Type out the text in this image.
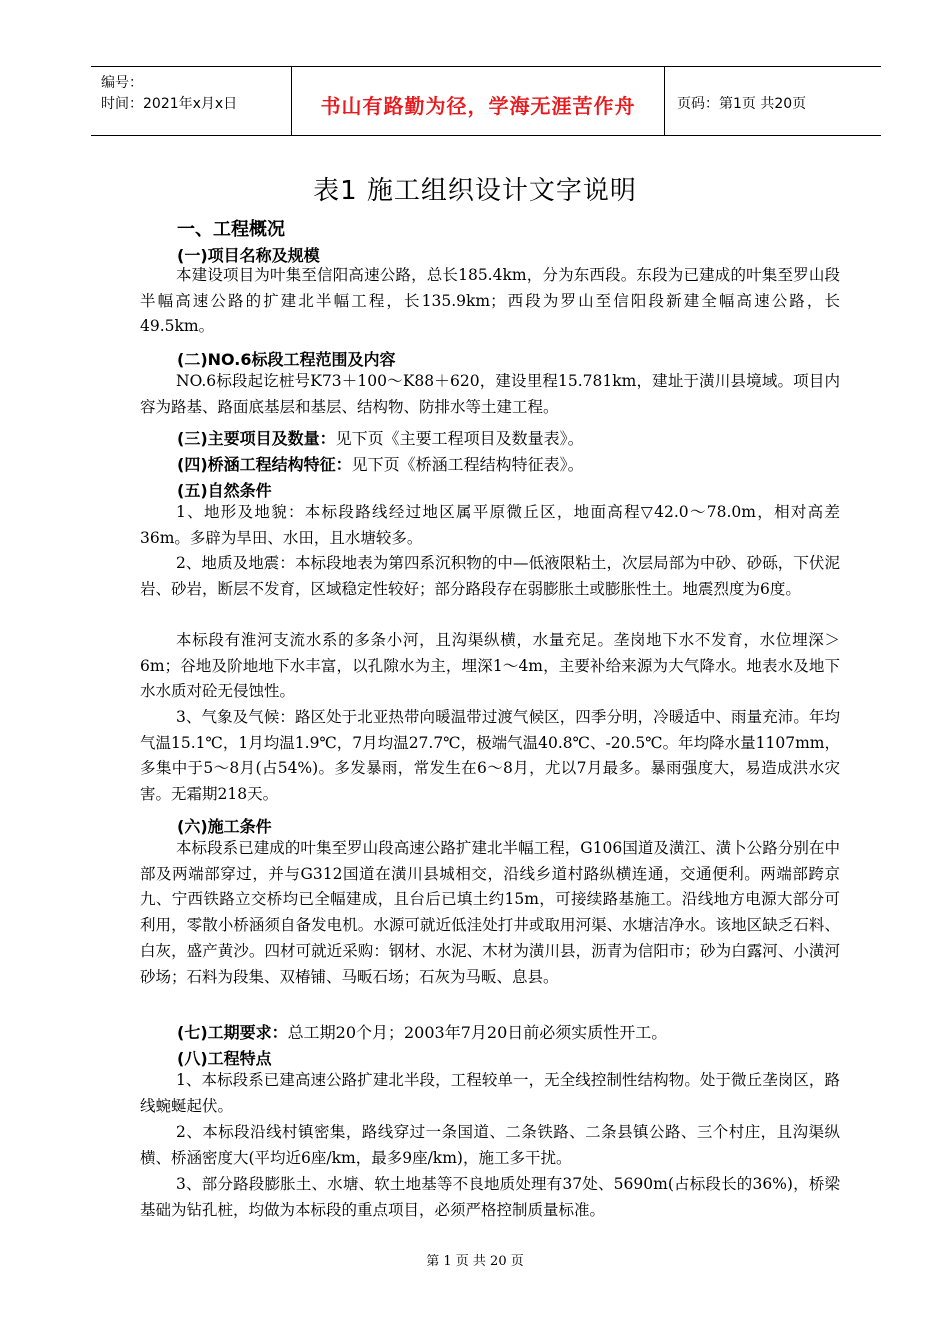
编号：
时间：2021年x月x日	书山有路勤为径，学海无涯苦作舟	页码：第1页 共20页
表1 施工组织设计文字说明
一、工程概况
(一)项目名称及规模

本建设项目为叶集至信阳高速公路，总长185.4km，分为东西段。东段为已建成的叶集至罗山段半幅高速公路的扩建北半幅工程，长135.9km；西段为罗山至信阳段新建全幅高速公路，长49.5km。

(二)NO.6标段工程范围及内容

NO.6标段起讫桩号K73＋100～K88＋620，建设里程15.781km，建址于潢川县境域。项目内容为路基、路面底基层和基层、结构物、防排水等土建工程。

(三)主要项目及数量：见下页《主要工程项目及数量表》。
(四)桥涵工程结构特征：见下页《桥涵工程结构特征表》。
(五)自然条件

1、地形及地貌：本标段路线经过地区属平原微丘区，地面高程▽42.0～78.0m，相对高差36m。多辟为旱田、水田，且水塘较多。

2、地质及地震：本标段地表为第四系沉积物的中—低液限粘土，次层局部为中砂、砂砾，下伏泥岩、砂岩，断层不发育，区域稳定性较好；部分路段存在弱膨胀土或膨胀性土。地震烈度为6度。

本标段有淮河支流水系的多条小河，且沟渠纵横，水量充足。垄岗地下水不发育，水位埋深＞6m；谷地及阶地地下水丰富，以孔隙水为主，埋深1～4m，主要补给来源为大气降水。地表水及地下水水质对砼无侵蚀性。

3、气象及气候：路区处于北亚热带向暖温带过渡气候区，四季分明，冷暖适中、雨量充沛。年均气温15.1℃，1月均温1.9℃，7月均温27.7℃，极端气温40.8℃、-20.5℃。年均降水量1107mm，多集中于5～8月(占54%)。多发暴雨，常发生在6～8月，尤以7月最多。暴雨强度大，易造成洪水灾害。无霜期218天。

(六)施工条件

本标段系已建成的叶集至罗山段高速公路扩建北半幅工程，G106国道及潢江、潢卜公路分别在中部及两端部穿过，并与G312国道在潢川县城相交，沿线乡道村路纵横连通，交通便利。两端部跨京九、宁西铁路立交桥均已全幅建成，且台后已填土约15m，可接续路基施工。沿线地方电源大部分可利用，零散小桥涵须自备发电机。水源可就近低洼处打井或取用河渠、水塘洁净水。该地区缺乏石料、白灰，盛产黄沙。四材可就近采购：钢材、水泥、木材为潢川县，沥青为信阳市；砂为白露河、小潢河砂场；石料为段集、双椿铺、马畈石场；石灰为马畈、息县。

(七)工期要求：总工期20个月；2003年7月20日前必须实质性开工。
(八)工程特点

1、本标段系已建高速公路扩建北半段，工程较单一，无全线控制性结构物。处于微丘垄岗区，路线蜿蜒起伏。

2、本标段沿线村镇密集，路线穿过一条国道、二条铁路、二条县镇公路、三个村庄，且沟渠纵横、桥涵密度大(平均近6座/km，最多9座/km)，施工多干扰。

3、部分路段膨胀土、水塘、软土地基等不良地质处理有37处、5690m(占标段长的36%)，桥梁基础为钻孔桩，均做为本标段的重点项目，必须严格控制质量标准。

第 1 页 共 20 页
